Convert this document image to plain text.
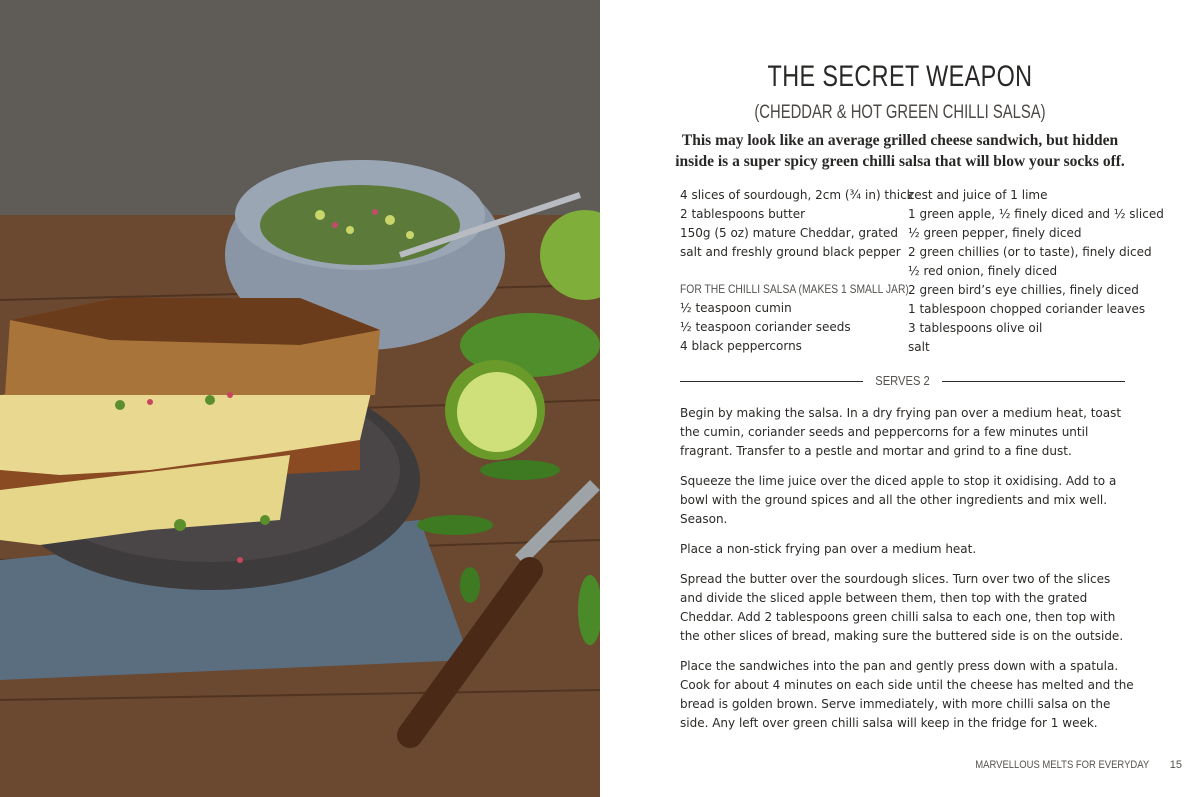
THE SECRET WEAPON

(CHEDDAR & HOT GREEN CHILLI SALSA)

This may look like an average grilled cheese sandwich, but hidden inside is a super spicy green chilli salsa that will blow your socks off.

4 slices of sourdough, 2cm (¾ in) thick
2 tablespoons butter
150g (5 oz) mature Cheddar, grated
salt and freshly ground black pepper
FOR THE CHILLI SALSA (MAKES 1 SMALL JAR)
½ teaspoon cumin
½ teaspoon coriander seeds
4 black peppercorns
zest and juice of 1 lime
1 green apple, ½ finely diced and ½ sliced
½ green pepper, finely diced
2 green chillies (or to taste), finely diced
½ red onion, finely diced
2 green bird’s eye chillies, finely diced
1 tablespoon chopped coriander leaves
3 tablespoons olive oil
salt
SERVES 2

Begin by making the salsa. In a dry frying pan over a medium heat, toast the cumin, coriander seeds and peppercorns for a few minutes until fragrant. Transfer to a pestle and mortar and grind to a fine dust.

Squeeze the lime juice over the diced apple to stop it oxidising. Add to a bowl with the ground spices and all the other ingredients and mix well. Season.

Place a non-stick frying pan over a medium heat.

Spread the butter over the sourdough slices. Turn over two of the slices and divide the sliced apple between them, then top with the grated Cheddar. Add 2 tablespoons green chilli salsa to each one, then top with the other slices of bread, making sure the buttered side is on the outside.

Place the sandwiches into the pan and gently press down with a spatula. Cook for about 4 minutes on each side until the cheese has melted and the bread is golden brown. Serve immediately, with more chilli salsa on the side. Any left over green chilli salsa will keep in the fridge for 1 week.

MARVELLOUS MELTS FOR EVERYDAY 15
